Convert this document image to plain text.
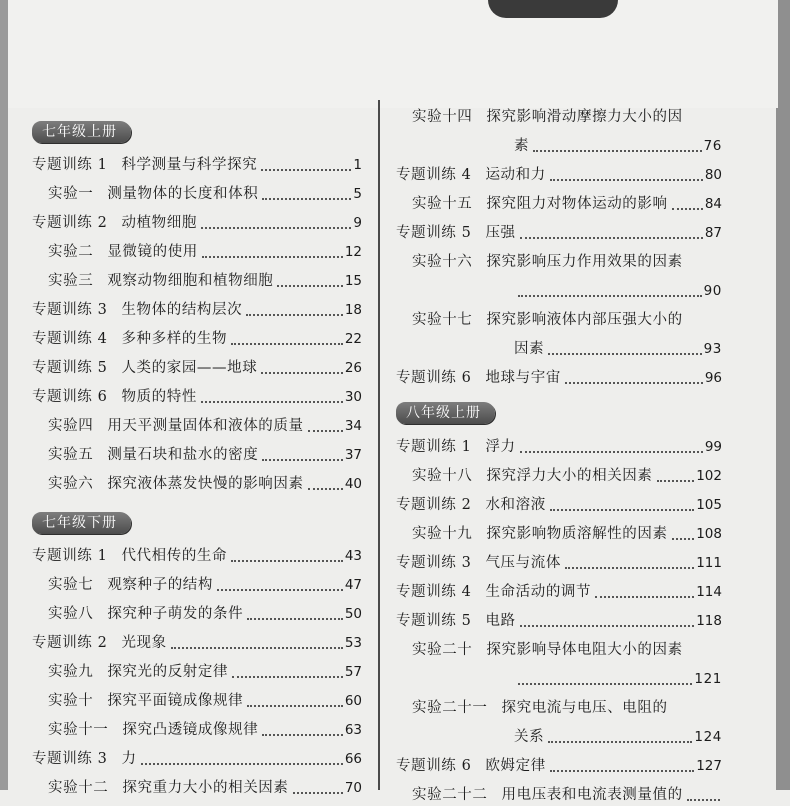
七年级上册
专题训练 1 科学测量与科学探究	1
实验一 测量物体的长度和体积	5
专题训练 2 动植物细胞	9
实验二 显微镜的使用	12
实验三 观察动物细胞和植物细胞	15
专题训练 3 生物体的结构层次	18
专题训练 4 多种多样的生物	22
专题训练 5 人类的家园——地球	26
专题训练 6 物质的特性	30
实验四 用天平测量固体和液体的质量	34
实验五 测量石块和盐水的密度	37
实验六 探究液体蒸发快慢的影响因素	40
七年级下册
专题训练 1 代代相传的生命	43
实验七 观察种子的结构	47
实验八 探究种子萌发的条件	50
专题训练 2 光现象	53
实验九 探究光的反射定律	57
实验十 探究平面镜成像规律	60
实验十一 探究凸透镜成像规律	63
专题训练 3 力	66
实验十二 探究重力大小的相关因素	70
实验十四 探究影响滑动摩擦力大小的因
素	76
专题训练 4 运动和力	80
实验十五 探究阻力对物体运动的影响	84
专题训练 5 压强	87
实验十六 探究影响压力作用效果的因素
90
实验十七 探究影响液体内部压强大小的
因素	93
专题训练 6 地球与宇宙	96
八年级上册
专题训练 1 浮力	99
实验十八 探究浮力大小的相关因素	102
专题训练 2 水和溶液	105
实验十九 探究影响物质溶解性的因素 108
专题训练 3 气压与流体	111
专题训练 4 生命活动的调节	114
专题训练 5 电路	118
实验二十 探究影响导体电阻大小的因素
121
实验二十一 探究电流与电压、电阻的
关系	124
专题训练 6 欧姆定律	127
实验二十二 用电压表和电流表测量值的
